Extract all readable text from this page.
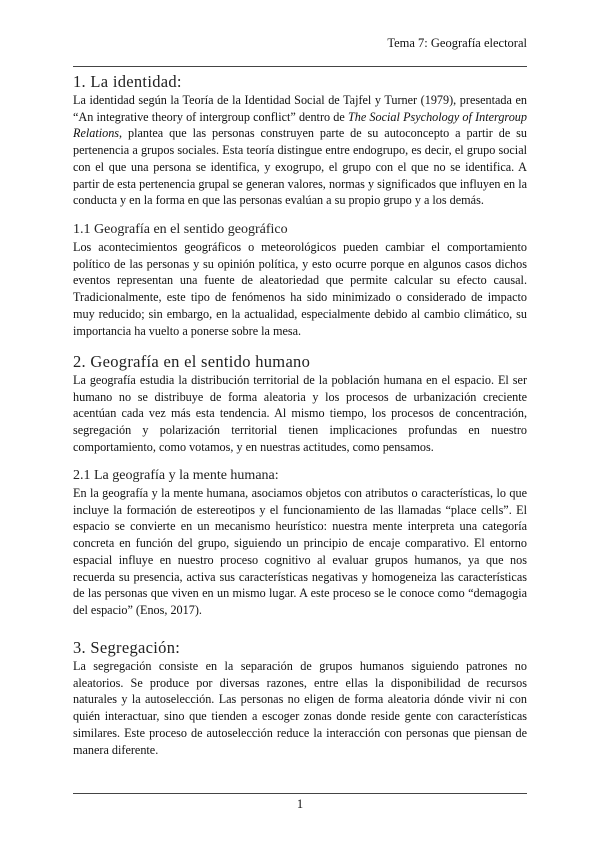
Tema 7: Geografía electoral
1. La identidad:

La identidad según la Teoría de la Identidad Social de Tajfel y Turner (1979), presentada en “An integrative theory of intergroup conflict” dentro de The Social Psychology of Intergroup Relations, plantea que las personas construyen parte de su autoconcepto a partir de su pertenencia a grupos sociales. Esta teoría distingue entre endogrupo, es decir, el grupo social con el que una persona se identifica, y exogrupo, el grupo con el que no se identifica. A partir de esta pertenencia grupal se generan valores, normas y significados que influyen en la conducta y en la forma en que las personas evalúan a su propio grupo y a los demás.

1.1 Geografía en el sentido geográfico

Los acontecimientos geográficos o meteorológicos pueden cambiar el comportamiento político de las personas y su opinión política, y esto ocurre porque en algunos casos dichos eventos representan una fuente de aleatoriedad que permite calcular su efecto causal. Tradicionalmente, este tipo de fenómenos ha sido minimizado o considerado de impacto muy reducido; sin embargo, en la actualidad, especialmente debido al cambio climático, su importancia ha vuelto a ponerse sobre la mesa.

2. Geografía en el sentido humano

La geografía estudia la distribución territorial de la población humana en el espacio. El ser humano no se distribuye de forma aleatoria y los procesos de urbanización creciente acentúan cada vez más esta tendencia. Al mismo tiempo, los procesos de concentración, segregación y polarización territorial tienen implicaciones profundas en nuestro comportamiento, como votamos, y en nuestras actitudes, como pensamos.

2.1 La geografía y la mente humana:

En la geografía y la mente humana, asociamos objetos con atributos o características, lo que incluye la formación de estereotipos y el funcionamiento de las llamadas “place cells”. El espacio se convierte en un mecanismo heurístico: nuestra mente interpreta una categoría concreta en función del grupo, siguiendo un principio de encaje comparativo. El entorno espacial influye en nuestro proceso cognitivo al evaluar grupos humanos, ya que nos recuerda su presencia, activa sus características negativas y homogeneiza las características de las personas que viven en un mismo lugar. A este proceso se le conoce como “demagogia del espacio” (Enos, 2017).

3. Segregación:

La segregación consiste en la separación de grupos humanos siguiendo patrones no aleatorios. Se produce por diversas razones, entre ellas la disponibilidad de recursos naturales y la autoselección. Las personas no eligen de forma aleatoria dónde vivir ni con quién interactuar, sino que tienden a escoger zonas donde reside gente con características similares. Este proceso de autoselección reduce la interacción con personas que piensan de manera diferente.

1
